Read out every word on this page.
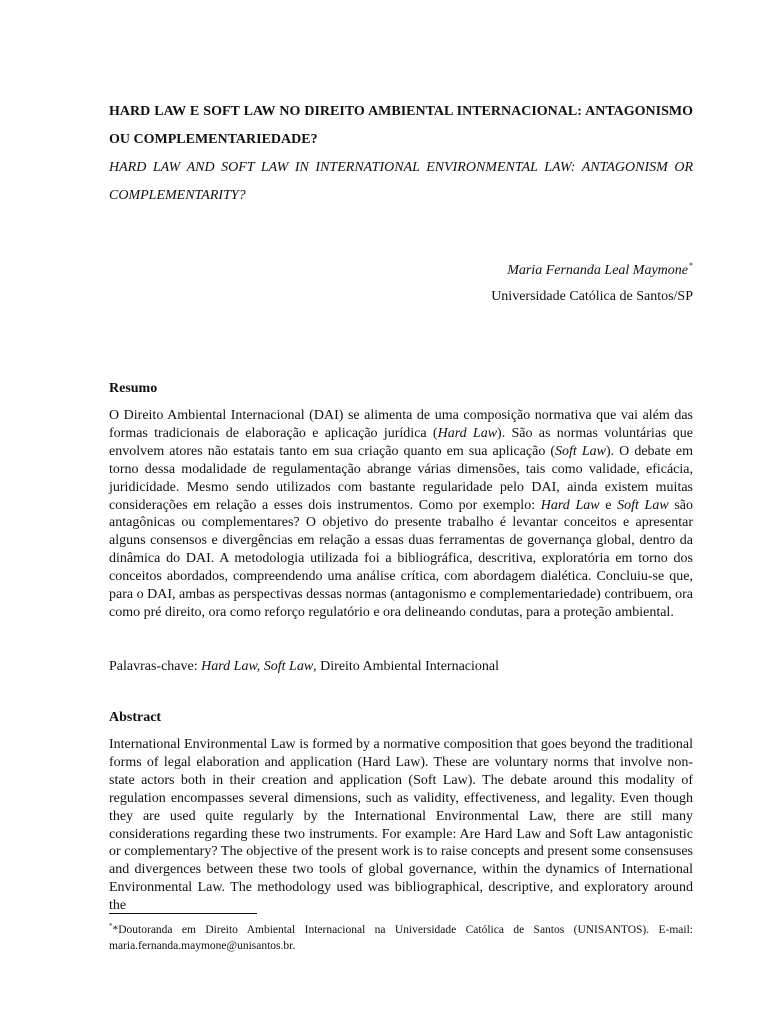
HARD LAW E SOFT LAW NO DIREITO AMBIENTAL INTERNACIONAL: ANTAGONISMO OU COMPLEMENTARIEDADE?

HARD LAW AND SOFT LAW IN INTERNATIONAL ENVIRONMENTAL LAW: ANTAGONISM OR COMPLEMENTARITY?

Maria Fernanda Leal Maymone*
Universidade Católica de Santos/SP

Resumo

O Direito Ambiental Internacional (DAI) se alimenta de uma composição normativa que vai além das formas tradicionais de elaboração e aplicação jurídica (Hard Law). São as normas voluntárias que envolvem atores não estatais tanto em sua criação quanto em sua aplicação (Soft Law). O debate em torno dessa modalidade de regulamentação abrange várias dimensões, tais como validade, eficácia, juridicidade. Mesmo sendo utilizados com bastante regularidade pelo DAI, ainda existem muitas considerações em relação a esses dois instrumentos. Como por exemplo: Hard Law e Soft Law são antagônicas ou complementares? O objetivo do presente trabalho é levantar conceitos e apresentar alguns consensos e divergências em relação a essas duas ferramentas de governança global, dentro da dinâmica do DAI. A metodologia utilizada foi a bibliográfica, descritiva, exploratória em torno dos conceitos abordados, compreendendo uma análise crítica, com abordagem dialética. Concluiu-se que, para o DAI, ambas as perspectivas dessas normas (antagonismo e complementariedade) contribuem, ora como pré direito, ora como reforço regulatório e ora delineando condutas, para a proteção ambiental.

Palavras-chave: Hard Law, Soft Law, Direito Ambiental Internacional

Abstract

International Environmental Law is formed by a normative composition that goes beyond the traditional forms of legal elaboration and application (Hard Law). These are voluntary norms that involve non-state actors both in their creation and application (Soft Law). The debate around this modality of regulation encompasses several dimensions, such as validity, effectiveness, and legality. Even though they are used quite regularly by the International Environmental Law, there are still many considerations regarding these two instruments. For example: Are Hard Law and Soft Law antagonistic or complementary? The objective of the present work is to raise concepts and present some consensuses and divergences between these two tools of global governance, within the dynamics of International Environmental Law. The methodology used was bibliographical, descriptive, and exploratory around the

**Doutoranda em Direito Ambiental Internacional na Universidade Católica de Santos (UNISANTOS). E-mail: maria.fernanda.maymone@unisantos.br.
